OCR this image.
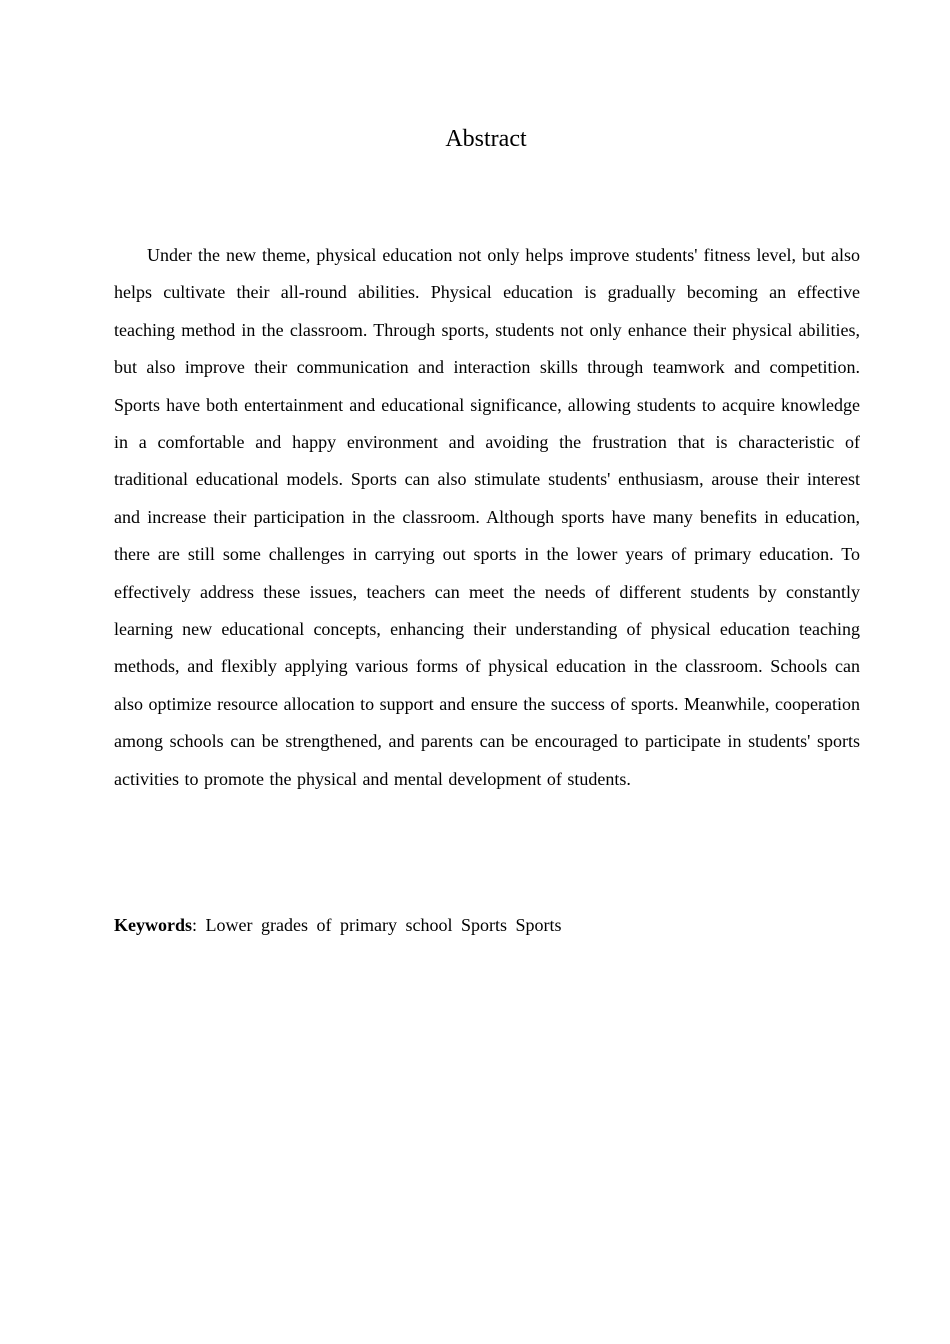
Abstract

Under the new theme, physical education not only helps improve students' fitness level, but also helps cultivate their all-round abilities. Physical education is gradually becoming an effective teaching method in the classroom. Through sports, students not only enhance their physical abilities, but also improve their communication and interaction skills through teamwork and competition. Sports have both entertainment and educational significance, allowing students to acquire knowledge in a comfortable and happy environment and avoiding the frustration that is characteristic of traditional educational models. Sports can also stimulate students' enthusiasm, arouse their interest and increase their participation in the classroom. Although sports have many benefits in education, there are still some challenges in carrying out sports in the lower years of primary education. To effectively address these issues, teachers can meet the needs of different students by constantly learning new educational concepts, enhancing their understanding of physical education teaching methods, and flexibly applying various forms of physical education in the classroom. Schools can also optimize resource allocation to support and ensure the success of sports. Meanwhile, cooperation among schools can be strengthened, and parents can be encouraged to participate in students' sports activities to promote the physical and mental development of students.

Keywords: Lower grades of primary school Sports Sports
